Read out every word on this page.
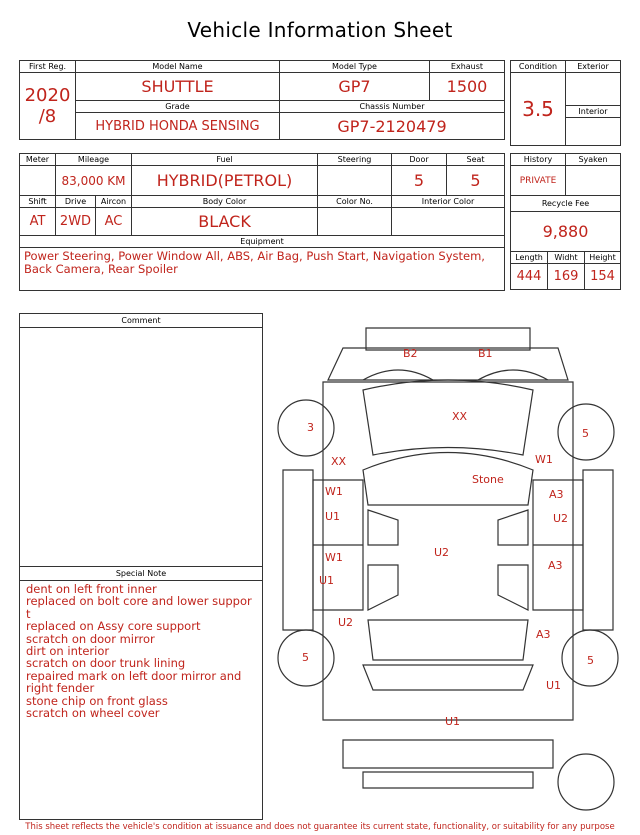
Vehicle Information Sheet
First Reg.	Model Name	Model Type	Exhaust

2020
/8	SHUTTLE	GP7	1500
	Grade	Chassis Number	
	HYBRID HONDA SENSING	GP7-2120479	
Condition	Exterior
3.5	
	Interior

Meter	Mileage		Fuel	Steering	Door	Seat
	83,000 KM		HYBRID(PETROL)		5	5
Shift	Drive	Aircon	Body Color	Color No.	Interior Color	
AT	2WD	AC	BLACK			
Equipment						
Power Steering, Power Window All, ABS, Air Bag, Push Start, Navigation System, Back Camera, Rear Spoiler						
History		Syaken	
PRIVATE			
Recycle Fee			
9,880			
Length	Widht		Height
444	169		154
Comment
Special Note
dent on left front inner
replaced on bolt core and lower suppor t
replaced on Assy core support
scratch on door mirror
dirt on interior
scratch on door trunk lining
repaired mark on left door mirror and right fender
stone chip on front glass
scratch on wheel cover
B2	B1
XX
3	5
XX	W1
Stone
W1
U1
A3
U2
U2
W1
U1
A3
U2
A3
5	5
U1
U1
This sheet reflects the vehicle's condition at issuance and does not guarantee its current state, functionality, or suitability for any purpose
